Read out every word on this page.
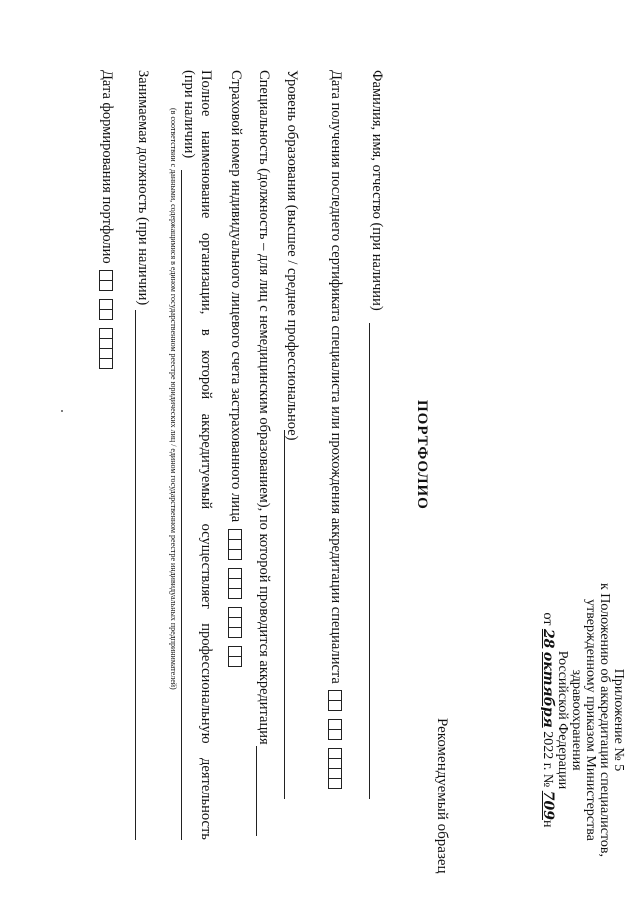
Приложение № 5
к Положению об аккредитации специалистов,
утвержденному приказом Министерства
здравоохранения
Российской Федерации
от 28 октября 2022 г. № 709н
Рекомендуемый образец
ПОРТФОЛИО
Фамилия, имя, отчество (при наличии)
Дата получения последнего сертификата специалиста или прохождения аккредитации специалиста
Уровень образования (высшее / среднее профессиональное)
Специальность (должность – для лиц с немедицинским образованием), по которой проводится аккредитация
Страховой номер индивидуального лицевого счета застрахованного лица
Полное
наименование
организации,
в
которой
аккредитуемый
осуществляет
профессиональную
деятельность
(при наличии)
(в соответствии с данными, содержащимися в едином государственном реестре юридических лиц / едином государственном реестре индивидуальных предпринимателей)
Занимаемая должность (при наличии)
Дата формирования портфолио
